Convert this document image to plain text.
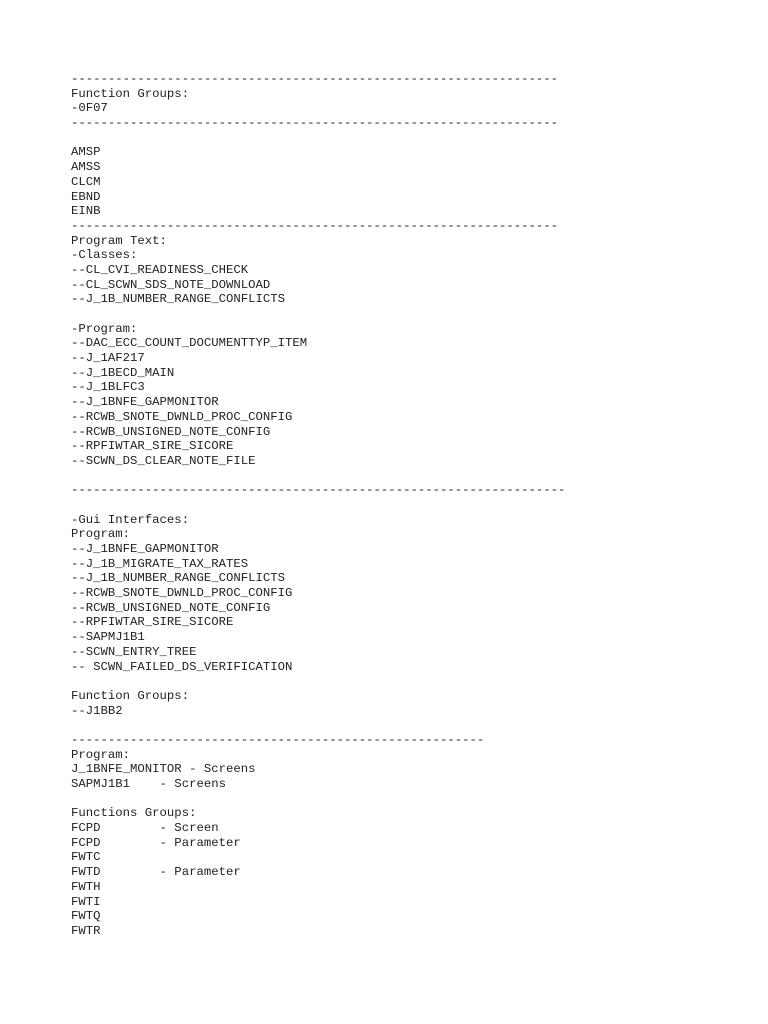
------------------------------------------------------------------
Function Groups:
-0F07
------------------------------------------------------------------
AMSP
AMSS
CLCM
EBND
EINB
------------------------------------------------------------------
Program Text:
-Classes:
--CL_CVI_READINESS_CHECK
--CL_SCWN_SDS_NOTE_DOWNLOAD
--J_1B_NUMBER_RANGE_CONFLICTS
-Program:
--DAC_ECC_COUNT_DOCUMENTTYP_ITEM
--J_1AF217
--J_1BECD_MAIN
--J_1BLFC3
--J_1BNFE_GAPMONITOR
--RCWB_SNOTE_DWNLD_PROC_CONFIG
--RCWB_UNSIGNED_NOTE_CONFIG
--RPFIWTAR_SIRE_SICORE
--SCWN_DS_CLEAR_NOTE_FILE
-------------------------------------------------------------------
-Gui Interfaces:
Program:
--J_1BNFE_GAPMONITOR
--J_1B_MIGRATE_TAX_RATES
--J_1B_NUMBER_RANGE_CONFLICTS
--RCWB_SNOTE_DWNLD_PROC_CONFIG
--RCWB_UNSIGNED_NOTE_CONFIG
--RPFIWTAR_SIRE_SICORE
--SAPMJ1B1
--SCWN_ENTRY_TREE
-- SCWN_FAILED_DS_VERIFICATION
Function Groups:
--J1BB2
--------------------------------------------------------
Program:
J_1BNFE_MONITOR - Screens
SAPMJ1B1    - Screens
Functions Groups:
FCPD        - Screen
FCPD        - Parameter
FWTC
FWTD        - Parameter
FWTH
FWTI
FWTQ
FWTR
